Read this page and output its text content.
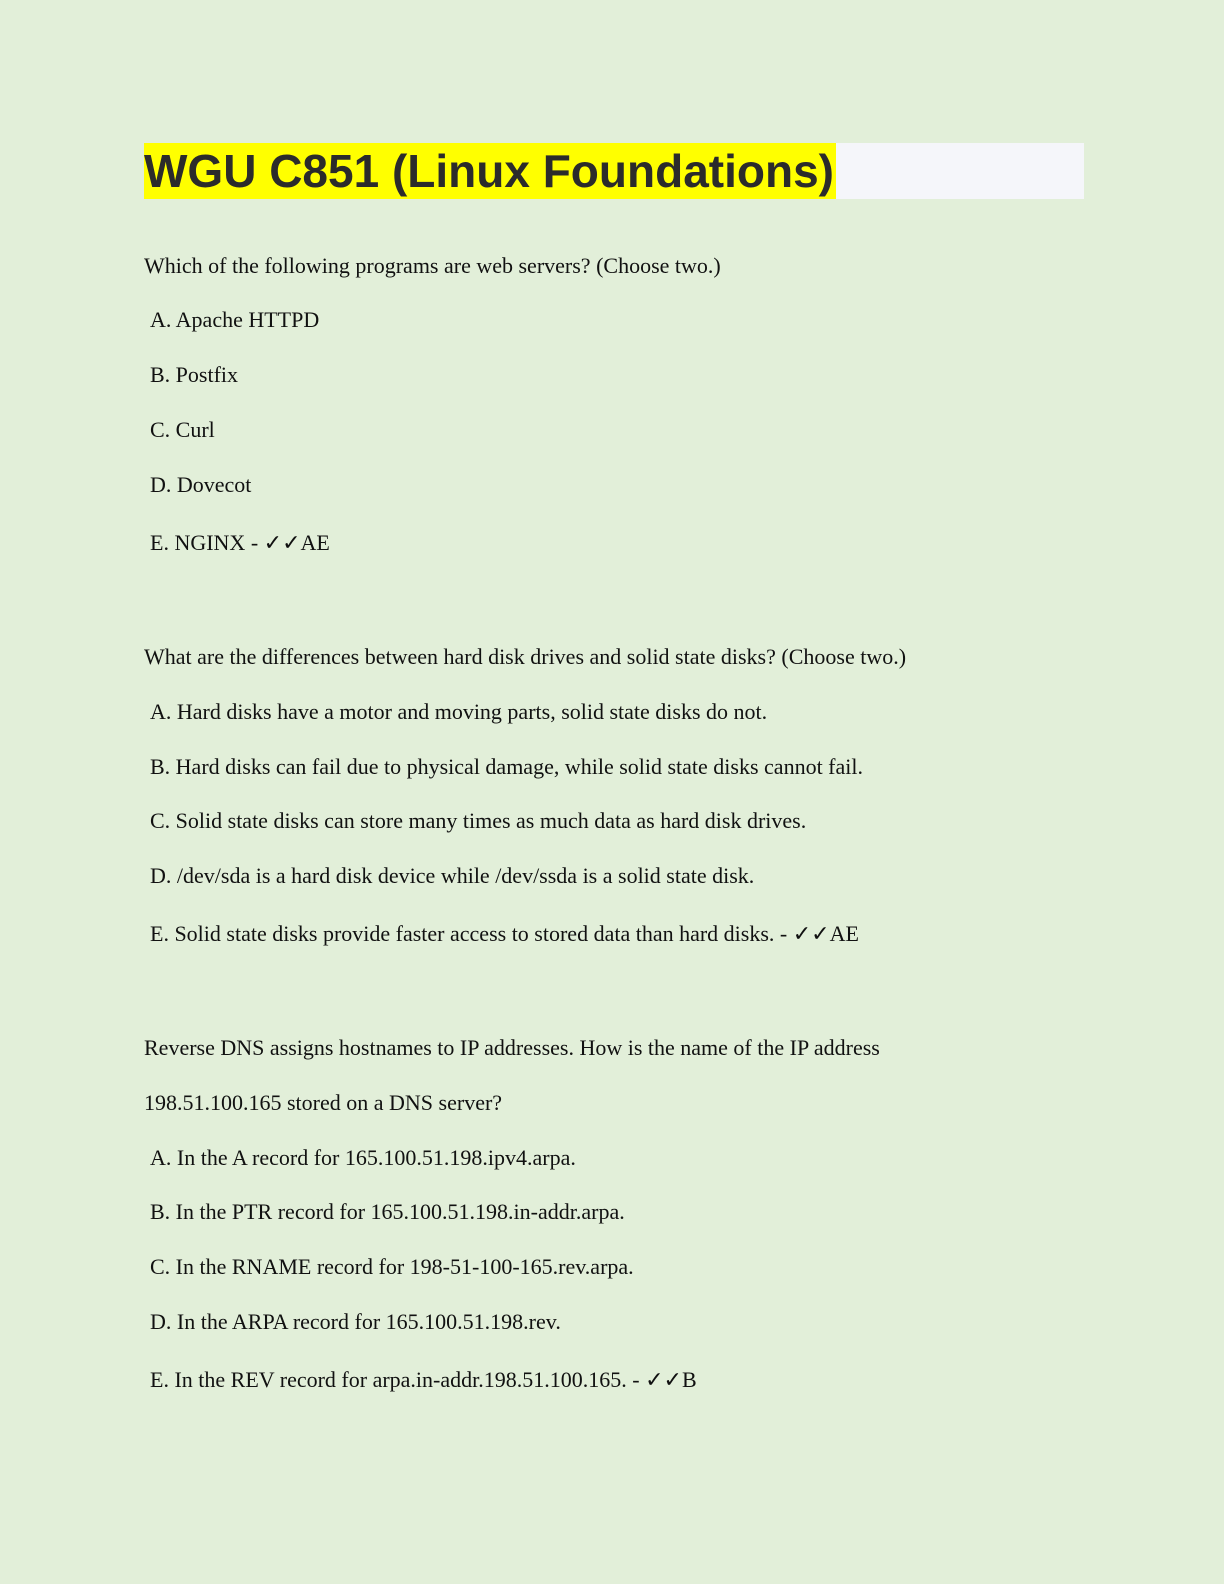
WGU C851 (Linux Foundations)
Which of the following programs are web servers? (Choose two.)
A. Apache HTTPD
B. Postfix
C. Curl
D. Dovecot
E. NGINX - ✓✓AE
What are the differences between hard disk drives and solid state disks? (Choose two.)
A. Hard disks have a motor and moving parts, solid state disks do not.
B. Hard disks can fail due to physical damage, while solid state disks cannot fail.
C. Solid state disks can store many times as much data as hard disk drives.
D. /dev/sda is a hard disk device while /dev/ssda is a solid state disk.
E. Solid state disks provide faster access to stored data than hard disks. - ✓✓AE
Reverse DNS assigns hostnames to IP addresses. How is the name of the IP address
198.51.100.165 stored on a DNS server?
A. In the A record for 165.100.51.198.ipv4.arpa.
B. In the PTR record for 165.100.51.198.in-addr.arpa.
C. In the RNAME record for 198-51-100-165.rev.arpa.
D. In the ARPA record for 165.100.51.198.rev.
E. In the REV record for arpa.in-addr.198.51.100.165. - ✓✓B
